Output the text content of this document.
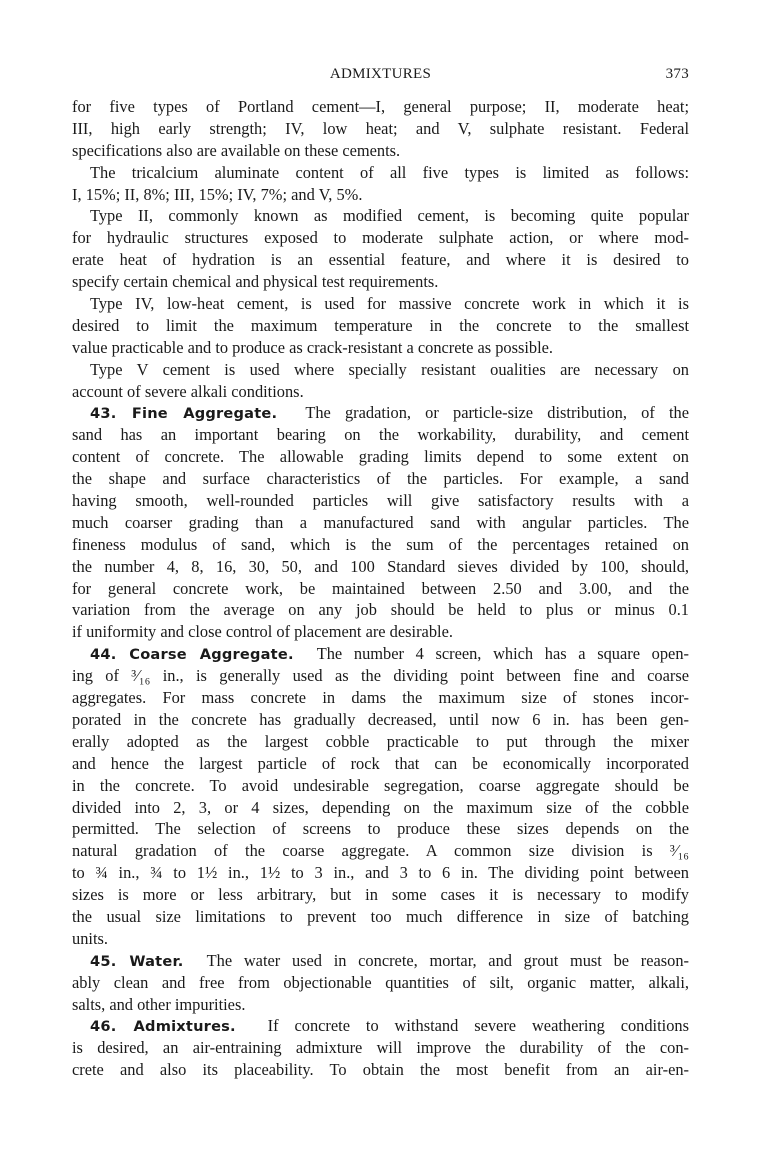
ADMIXTURES	373
for five types of Portland cement—I, general purpose; II, moderate heat;
III, high early strength; IV, low heat; and V, sulphate resistant. Federal
specifications also are available on these cements.
The tricalcium aluminate content of all five types is limited as follows:
I, 15%; II, 8%; III, 15%; IV, 7%; and V, 5%.
Type II, commonly known as modified cement, is becoming quite popular
for hydraulic structures exposed to moderate sulphate action, or where mod-
erate heat of hydration is an essential feature, and where it is desired to
specify certain chemical and physical test requirements.
Type IV, low-heat cement, is used for massive concrete work in which it is
desired to limit the maximum temperature in the concrete to the smallest
value practicable and to produce as crack-resistant a concrete as possible.
Type V cement is used where specially resistant oualities are necessary on
account of severe alkali conditions.
43. Fine Aggregate.  The gradation, or particle-size distribution, of the
sand has an important bearing on the workability, durability, and cement
content of concrete. The allowable grading limits depend to some extent on
the shape and surface characteristics of the particles. For example, a sand
having smooth, well-rounded particles will give satisfactory results with a
much coarser grading than a manufactured sand with angular particles. The
fineness modulus of sand, which is the sum of the percentages retained on
the number 4, 8, 16, 30, 50, and 100 Standard sieves divided by 100, should,
for general concrete work, be maintained between 2.50 and 3.00, and the
variation from the average on any job should be held to plus or minus 0.1
if uniformity and close control of placement are desirable.
44. Coarse Aggregate.  The number 4 screen, which has a square open-
ing of ³⁄₁₆ in., is generally used as the dividing point between fine and coarse
aggregates. For mass concrete in dams the maximum size of stones incor-
porated in the concrete has gradually decreased, until now 6 in. has been gen-
erally adopted as the largest cobble practicable to put through the mixer
and hence the largest particle of rock that can be economically incorporated
in the concrete. To avoid undesirable segregation, coarse aggregate should be
divided into 2, 3, or 4 sizes, depending on the maximum size of the cobble
permitted. The selection of screens to produce these sizes depends on the
natural gradation of the coarse aggregate. A common size division is ³⁄₁₆
to ¾ in., ¾ to 1½ in., 1½ to 3 in., and 3 to 6 in. The dividing point between
sizes is more or less arbitrary, but in some cases it is necessary to modify
the usual size limitations to prevent too much difference in size of batching
units.
45. Water.  The water used in concrete, mortar, and grout must be reason-
ably clean and free from objectionable quantities of silt, organic matter, alkali,
salts, and other impurities.
46. Admixtures.  If concrete to withstand severe weathering conditions
is desired, an air-entraining admixture will improve the durability of the con-
crete and also its placeability. To obtain the most benefit from an air-en-
